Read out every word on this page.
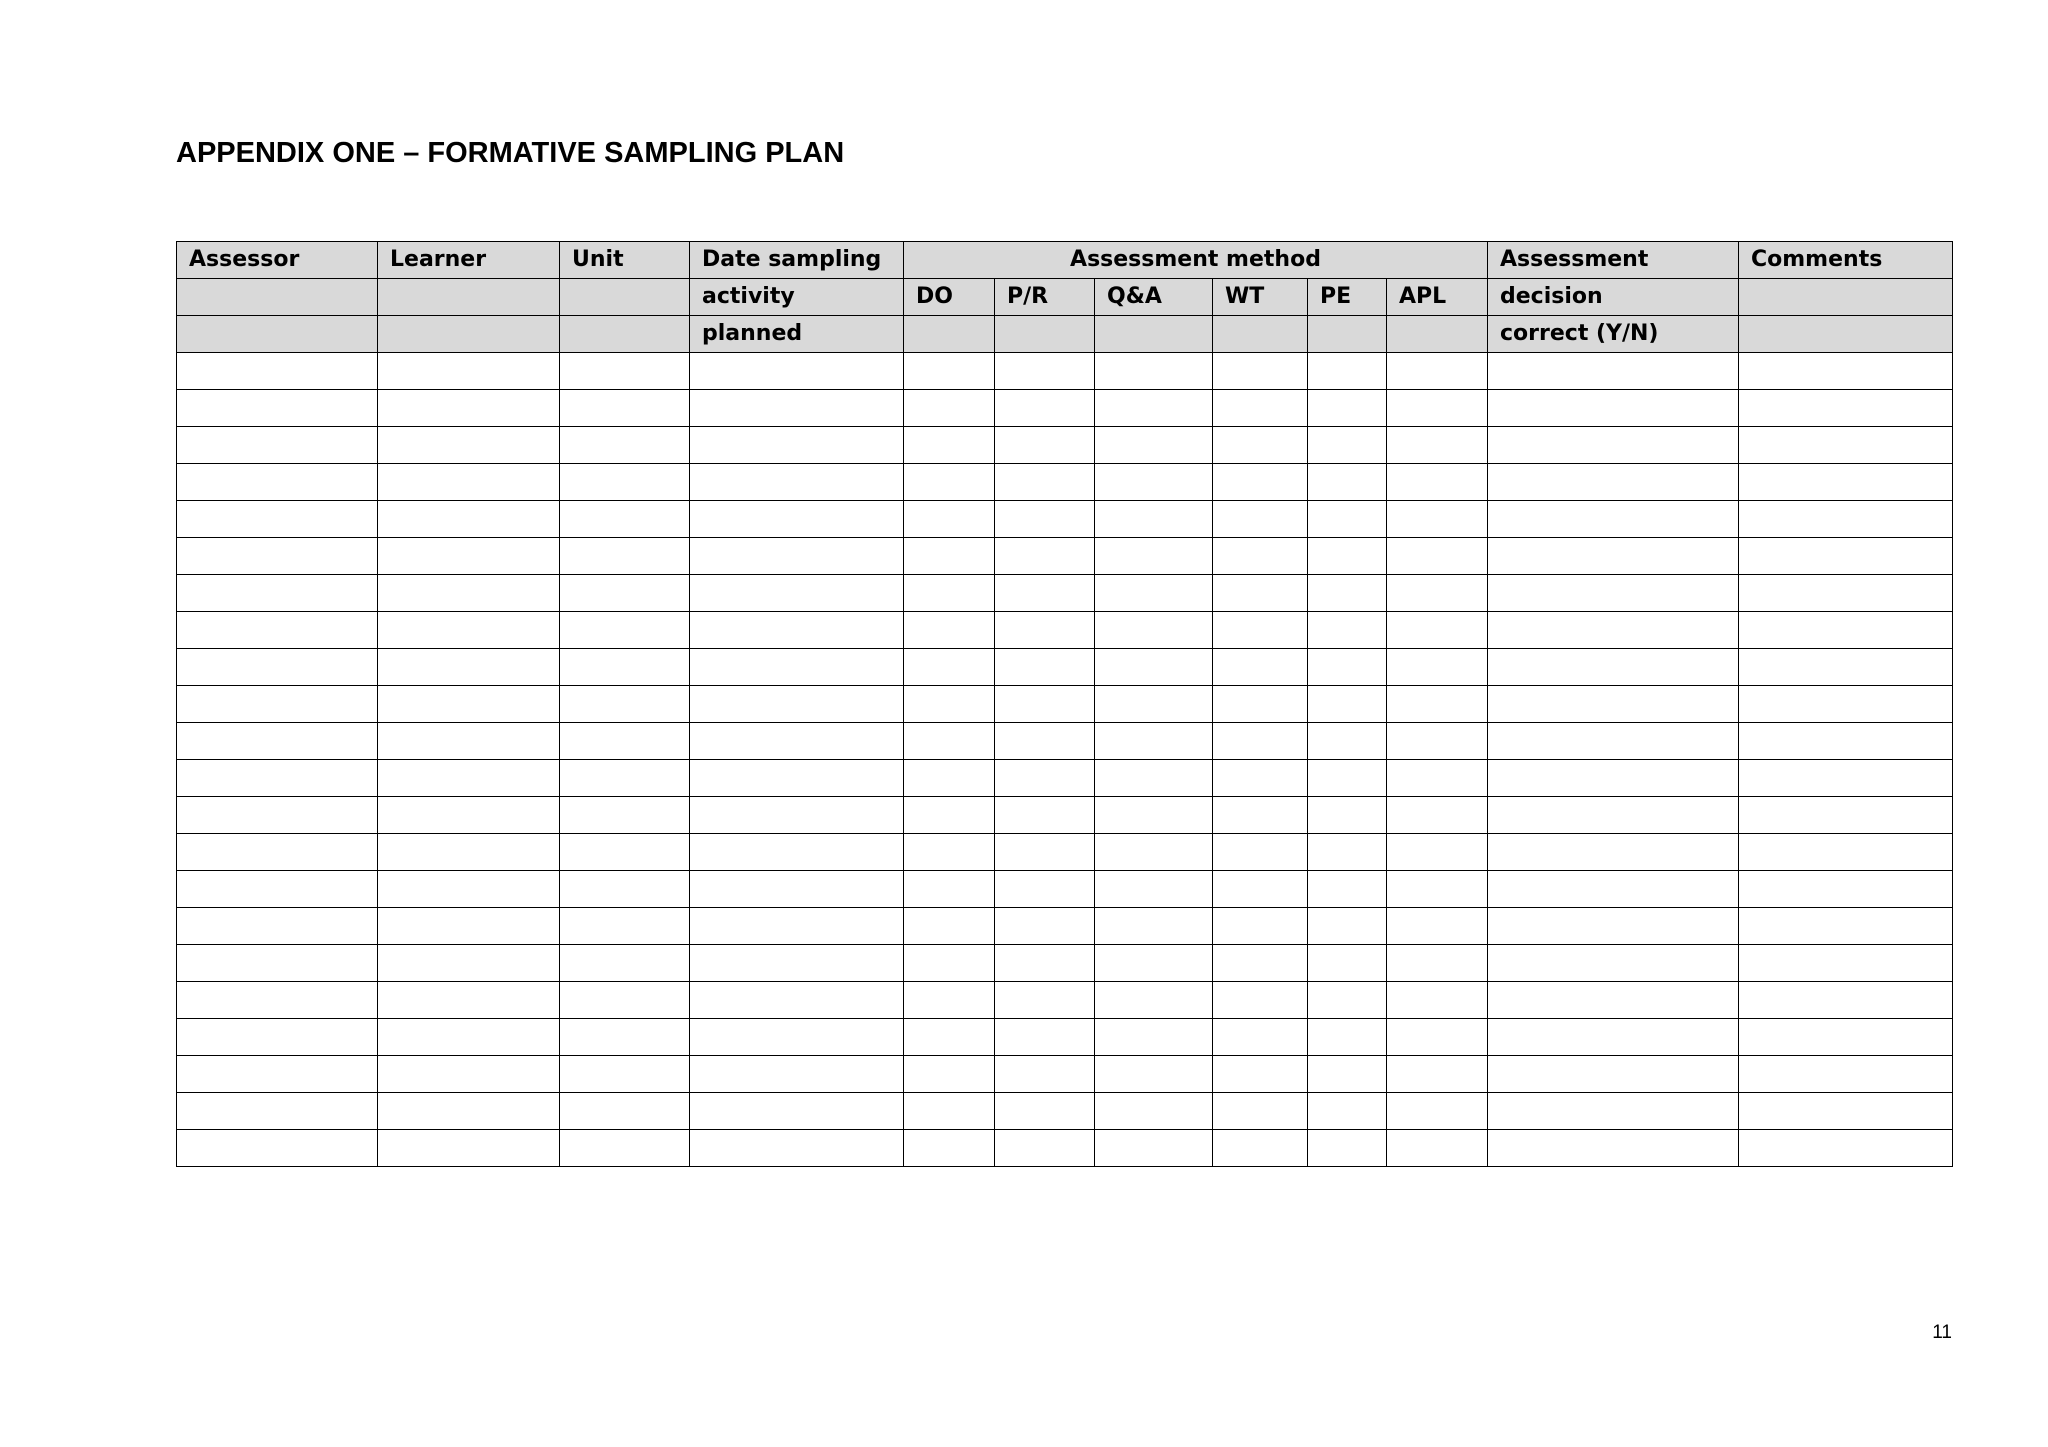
APPENDIX ONE – FORMATIVE SAMPLING PLAN
Assessor	Learner	Unit	Date sampling	Assessment method						Assessment	Comments
			activity	DO	P/R	Q&A	WT	PE	APL	decision	
			planned							correct (Y/N)	

11
